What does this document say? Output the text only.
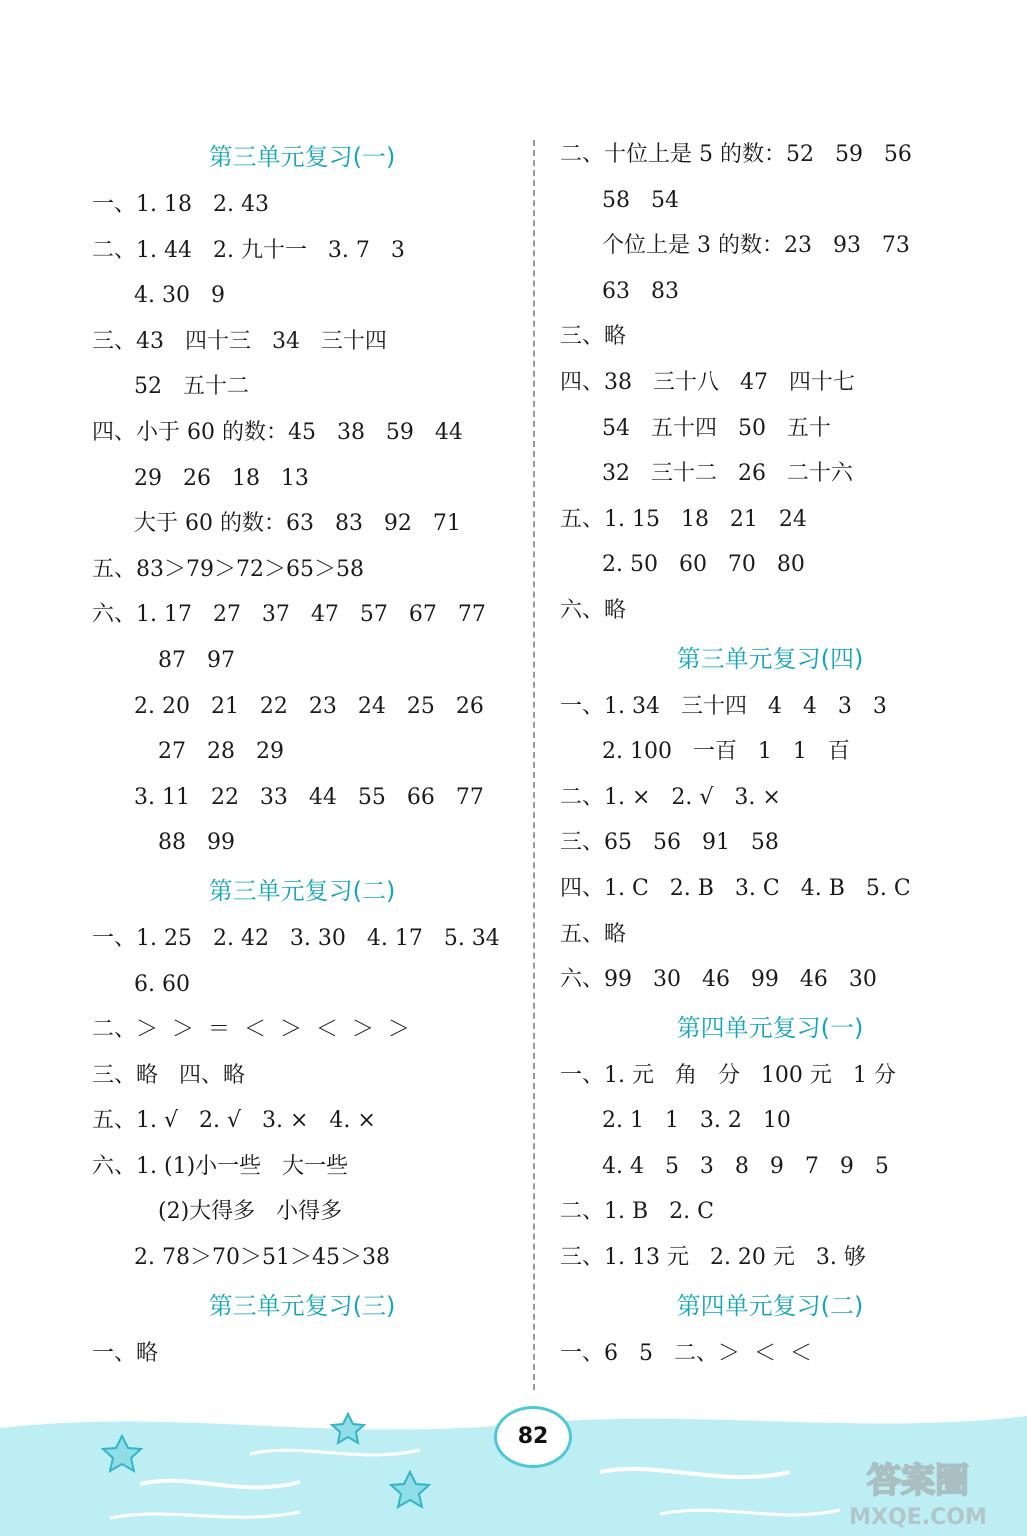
第三单元复习(一)
一、1. 18   2. 43
二、1. 44   2. 九十一   3. 7   3
4. 30   9
三、43   四十三   34   三十四
52   五十二
四、小于 60 的数：45   38   59   44
29   26   18   13
大于 60 的数：63   83   92   71
五、83＞79＞72＞65＞58
六、1. 17   27   37   47   57   67   77
87   97
2. 20   21   22   23   24   25   26
27   28   29
3. 11   22   33   44   55   66   77
88   99
第三单元复习(二)
一、1. 25   2. 42   3. 30   4. 17   5. 34
6. 60
二、＞  ＞  ＝  ＜  ＞  ＜  ＞  ＞
三、略   四、略
五、1. √   2. √   3. ×   4. ×
六、1. (1)小一些   大一些
(2)大得多   小得多
2. 78＞70＞51＞45＞38
第三单元复习(三)
一、略
二、十位上是 5 的数：52   59   56
58   54
个位上是 3 的数：23   93   73
63   83
三、略
四、38   三十八   47   四十七
54   五十四   50   五十
32   三十二   26   二十六
五、1. 15   18   21   24
2. 50   60   70   80
六、略
第三单元复习(四)
一、1. 34   三十四   4   4   3   3
2. 100   一百   1   1   百
二、1. ×   2. √   3. ×
三、65   56   91   58
四、1. C   2. B   3. C   4. B   5. C
五、略
六、99   30   46   99   46   30
第四单元复习(一)
一、1. 元   角   分   100 元   1 分
2. 1   1   3. 2   10
4. 4   5   3   8   9   7   9   5
二、1. B   2. C
三、1. 13 元   2. 20 元   3. 够
第四单元复习(二)
一、6   5   二、＞  ＜  ＜
82
答案圈
MXQE.COM
